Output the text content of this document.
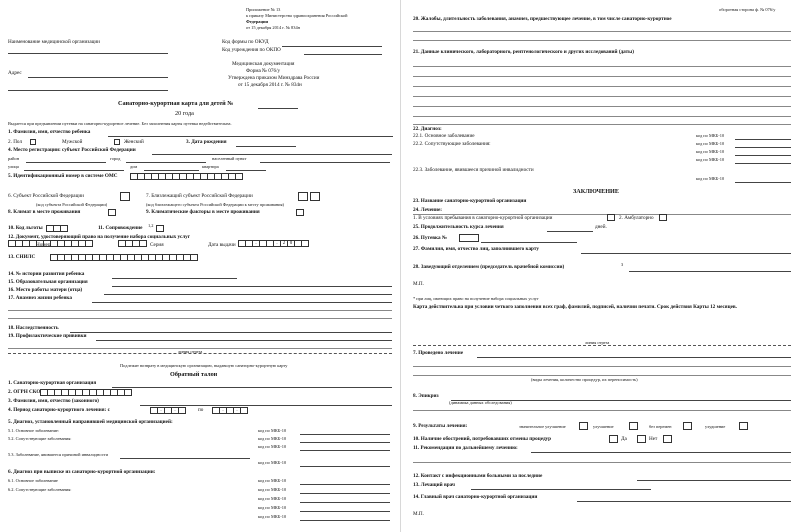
Приложение № 13
к приказу Министерства здравоохранения Российской
Федерации
от 15 декабря 2014 г. № 834н
Наименование медицинской организации	Код формы по ОКУД
Код учреждения по ОКПО
Медицинская документация
Форма № 076/у
Утверждена приказом Минздрава России
от 15 декабря 2014 г. № 834н
Адрес
Санаторно-курортная карта для детей №
20 года
Выдается при предъявлении путевки на санаторно-курортное лечение. Без заполнения карты путевка недействительна.
1. Фамилия, имя, отчество ребенка
2. Пол	Мужской	Женский	3. Дата рождения
4. Место регистрации: субъект Российской Федерации
район	город	населенный пункт
улица	дом	квартира
5. Идентификационный номер в системе ОМС
6. Субъект Российской Федерации
(код субъекта Российской Федерации)
7. Близлежащий субъект Российской Федерации
(код близлежащего субъекта Российской Федерации к месту проживания)
8. Климат в месте проживания	9. Климатические факторы в месте проживания
10. Код льготы	11. Сопровождение 1,2
12. Документ, удостоверяющий право на получение набора социальных услуг
Номер	Серия	Дата выдачи	.	.	2 0
13. СНИЛС
14. № истории развития ребенка
15. Образовательная организация
16. Место работы матери (отца)
17. Анамнез жизни ребенка
18. Наследственность
19. Профилактические прививки
линия отреза
Подлежит возврату в медицинскую организацию, выдавшую санаторно-курортную карту
Обратный талон
1. Санаторно-курортная организация
2. ОГРН СКО
3. Фамилия, имя, отчество (законного)
4. Период санаторно-курортного лечения: с	.	.	по	.	.
5. Диагноз, установленный направившей медицинской организацией:
5.1. Основное заболевание:	код по МКБ-10
5.2. Сопутствующие заболевания:	код по МКБ-10
код по МКБ-10
5.3. Заболевание, явившееся причиной инвалидности
код по МКБ-10
6. Диагноз при выписке из санаторно-курортной организации:
6.1. Основное заболевание	код по МКБ-10
6.2. Сопутствующие заболевания:	код по МКБ-10
код по МКБ-10
код по МКБ-10
код по МКБ-10
оборотная сторона ф. № 076/у
20. Жалобы, длительность заболевания, анамнез, предшествующее лечение, в том числе санаторно-курортное
21. Данные клинического, лабораторного, рентгенологического и других исследований (даты)
22. Диагноз:
22.1. Основное заболевание	код по МКБ-10
22.2. Сопутствующие заболевания:	код по МКБ-10
код по МКБ-10
код по МКБ-10
22.3. Заболевание, явившееся причиной инвалидности
код по МКБ-10
ЗАКЛЮЧЕНИЕ
23. Название санаторно-курортной организации
24. Лечение:
1. В условиях пребывания в санаторно-курортной организации	2. Амбулаторно
25. Продолжительность курса лечения	дней.
26. Путевка №
27. Фамилия, имя, отчество лиц, заполнившего карту
28. Заведующий отделением (председатель врачебной комиссии)	3
М.П.
* при лиц, имеющих право на получение набора социальных услуг
Карта действительна при условии четкого заполнения всех граф, фамилий, подписей, наличии печати. Срок действия Карты 12 месяцев.
линия отреза
7. Проведено лечение
(виды лечения, количество процедур, их переносимость)
8. Эпикриз
(динамика данных обследования)
9. Результаты лечения:	значительное улучшение	улучшение	без перемен	ухудшение
10. Наличие обострений, потребовавших отмены процедур	Да	Нет
11. Рекомендации по дальнейшему лечению:
12. Контакт с инфекционными больными за последние
13. Лечащий врач
14. Главный врач санаторно-курортной организации
М.П.
